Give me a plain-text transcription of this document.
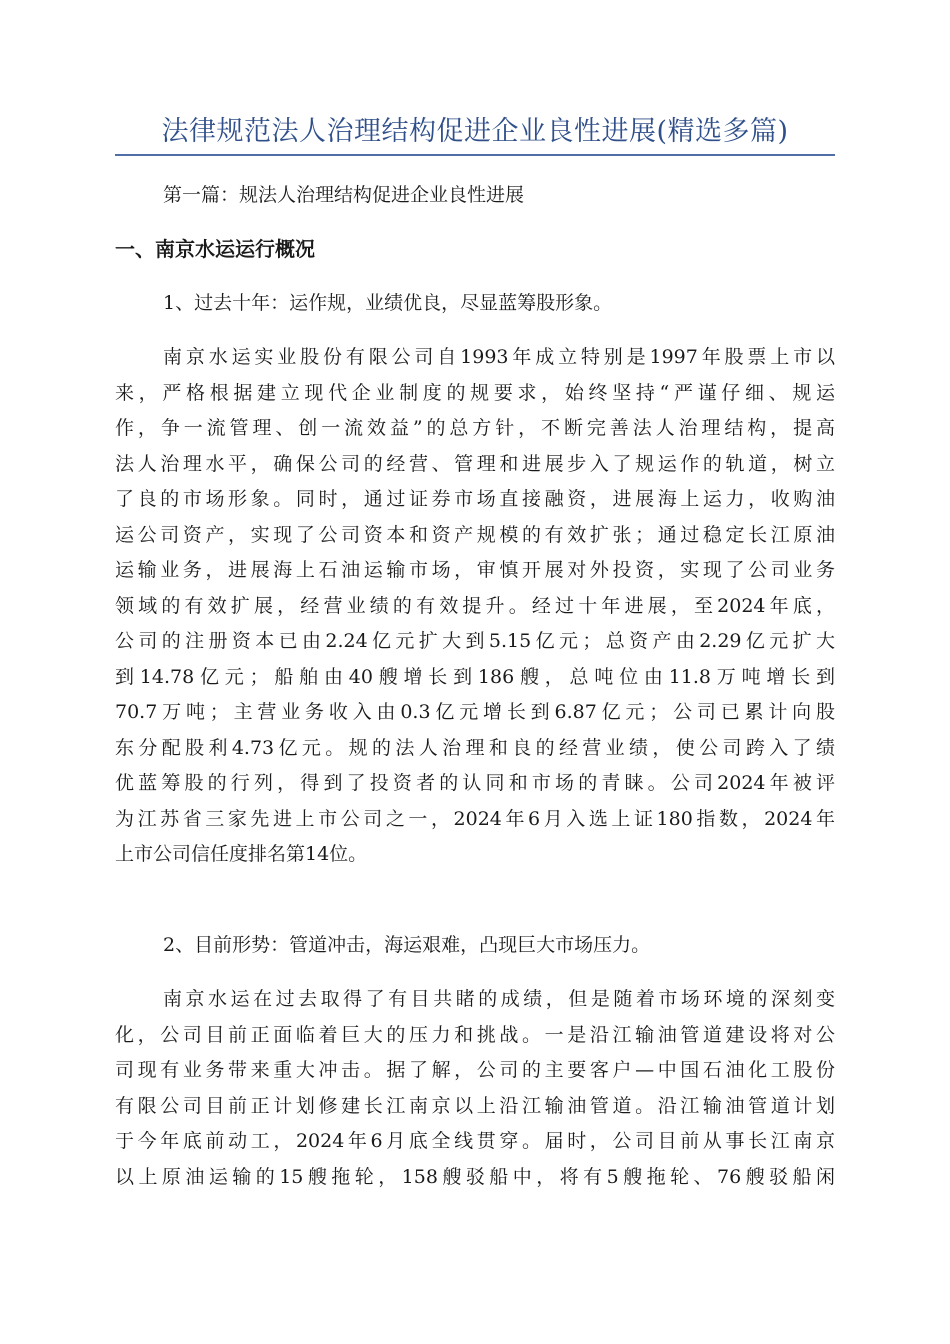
法律规范法人治理结构促进企业良性进展(精选多篇)
第一篇：规法人治理结构促进企业良性进展
一、南京水运运行概况
1、过去十年：运作规，业绩优良，尽显蓝筹股形象。
南京水运实业股份有限公司自1993年成立特别是1997年股票上市以
来，严格根据建立现代企业制度的规要求，始终坚持“严谨仔细、规运
作，争一流管理、创一流效益”的总方针，不断完善法人治理结构，提高
法人治理水平，确保公司的经营、管理和进展步入了规运作的轨道，树立
了良的市场形象。同时，通过证券市场直接融资，进展海上运力，收购油
运公司资产，实现了公司资本和资产规模的有效扩张；通过稳定长江原油
运输业务，进展海上石油运输市场，审慎开展对外投资，实现了公司业务
领域的有效扩展，经营业绩的有效提升。经过十年进展，至2024年底，
公司的注册资本已由2.24亿元扩大到5.15亿元；总资产由2.29亿元扩大
到14.78亿元；船舶由40艘增长到186艘，总吨位由11.8万吨增长到
70.7万吨；主营业务收入由0.3亿元增长到6.87亿元；公司已累计向股
东分配股利4.73亿元。规的法人治理和良的经营业绩，使公司跨入了绩
优蓝筹股的行列，得到了投资者的认同和市场的青睐。公司2024年被评
为江苏省三家先进上市公司之一，2024年6月入选上证180指数，2024年
上市公司信任度排名第14位。
2、目前形势：管道冲击，海运艰难，凸现巨大市场压力。
南京水运在过去取得了有目共睹的成绩，但是随着市场环境的深刻变
化，公司目前正面临着巨大的压力和挑战。一是沿江输油管道建设将对公
司现有业务带来重大冲击。据了解，公司的主要客户—中国石油化工股份
有限公司目前正计划修建长江南京以上沿江输油管道。沿江输油管道计划
于今年底前动工，2024年6月底全线贯穿。届时，公司目前从事长江南京
以上原油运输的15艘拖轮，158艘驳船中，将有5艘拖轮、76艘驳船闲
